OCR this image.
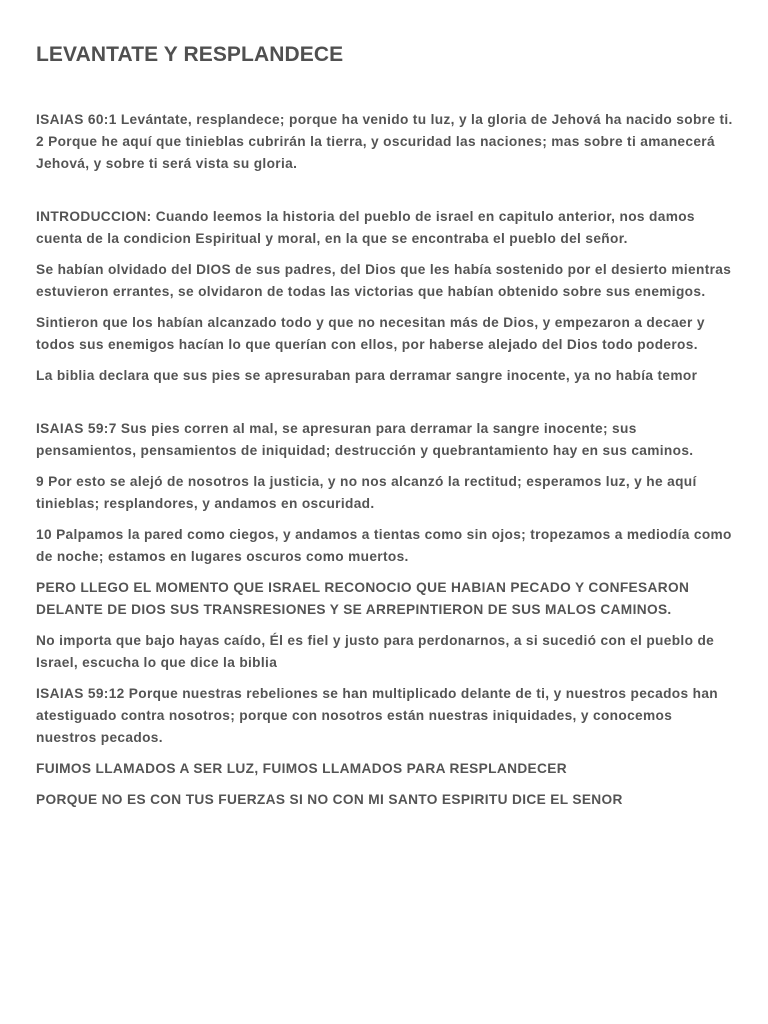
LEVANTATE Y RESPLANDECE

ISAIAS 60:1 Levántate, resplandece; porque ha venido tu luz, y la gloria de Jehová ha nacido sobre ti. 2 Porque he aquí que tinieblas cubrirán la tierra, y oscuridad las naciones; mas sobre ti amanecerá Jehová, y sobre ti será vista su gloria.

INTRODUCCION: Cuando leemos la historia del pueblo de israel en capitulo anterior, nos damos cuenta de la condicion Espiritual y moral, en la que se encontraba el pueblo del señor.

Se habían olvidado del DIOS de sus padres, del Dios que les había sostenido por el desierto mientras estuvieron errantes, se olvidaron de todas las victorias que habían obtenido sobre sus enemigos.

Sintieron que los habían alcanzado todo y que no necesitan más de Dios, y empezaron a decaer y todos sus enemigos hacían lo que querían con ellos, por haberse alejado del Dios todo poderos.

La biblia declara que sus pies se apresuraban para derramar sangre inocente, ya no había temor

ISAIAS 59:7 Sus pies corren al mal, se apresuran para derramar la sangre inocente; sus pensamientos, pensamientos de iniquidad; destrucción y quebrantamiento hay en sus caminos.

9 Por esto se alejó de nosotros la justicia, y no nos alcanzó la rectitud; esperamos luz, y he aquí tinieblas; resplandores, y andamos en oscuridad.

10 Palpamos la pared como ciegos, y andamos a tientas como sin ojos; tropezamos a mediodía como de noche; estamos en lugares oscuros como muertos.

PERO LLEGO EL MOMENTO QUE ISRAEL RECONOCIO QUE HABIAN PECADO Y CONFESARON DELANTE DE DIOS SUS TRANSRESIONES Y SE ARREPINTIERON DE SUS MALOS CAMINOS.

No importa que bajo hayas caído, Él es fiel y justo para perdonarnos, a si sucedió con el pueblo de Israel, escucha lo que dice la biblia

ISAIAS 59:12 Porque nuestras rebeliones se han multiplicado delante de ti, y nuestros pecados han atestiguado contra nosotros; porque con nosotros están nuestras iniquidades, y conocemos nuestros pecados.

FUIMOS LLAMADOS A SER LUZ, FUIMOS LLAMADOS PARA RESPLANDECER

PORQUE NO ES CON TUS FUERZAS SI NO CON MI SANTO ESPIRITU DICE EL SENOR
